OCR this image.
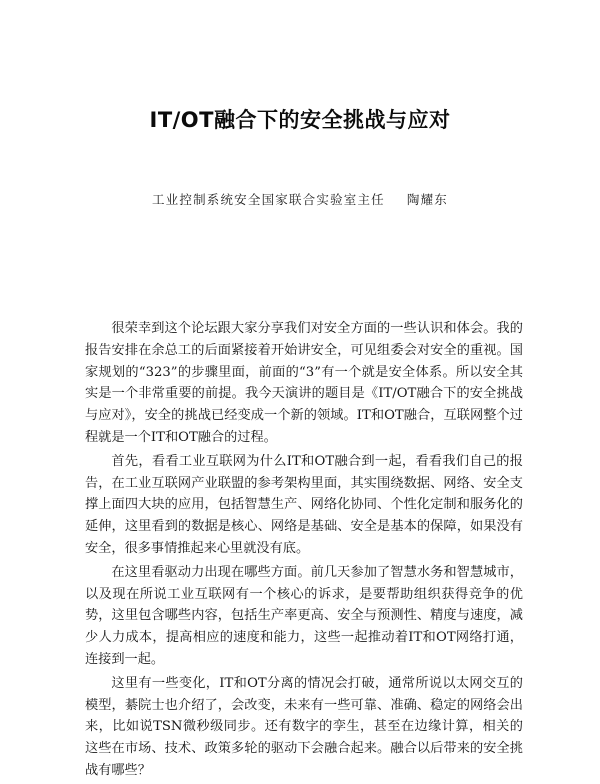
IT/OT融合下的安全挑战与应对
工业控制系统安全国家联合实验室主任 陶耀东

很荣幸到这个论坛跟大家分享我们对安全方面的一些认识和体会。我的报告安排在余总工的后面紧接着开始讲安全，可见组委会对安全的重视。国家规划的“323”的步骤里面，前面的“3”有一个就是安全体系。所以安全其实是一个非常重要的前提。我今天演讲的题目是《IT/OT融合下的安全挑战与应对》，安全的挑战已经变成一个新的领域。IT和OT融合，互联网整个过程就是一个IT和OT融合的过程。

首先，看看工业互联网为什么IT和OT融合到一起，看看我们自己的报告，在工业互联网产业联盟的参考架构里面，其实围绕数据、网络、安全支撑上面四大块的应用，包括智慧生产、网络化协同、个性化定制和服务化的延伸，这里看到的数据是核心、网络是基础、安全是基本的保障，如果没有安全，很多事情推起来心里就没有底。

在这里看驱动力出现在哪些方面。前几天参加了智慧水务和智慧城市，以及现在所说工业互联网有一个核心的诉求，是要帮助组织获得竞争的优势，这里包含哪些内容，包括生产率更高、安全与预测性、精度与速度，减少人力成本，提高相应的速度和能力，这些一起推动着IT和OT网络打通，连接到一起。

这里有一些变化，IT和OT分离的情况会打破，通常所说以太网交互的模型，綦院士也介绍了，会改变，未来有一些可靠、准确、稳定的网络会出来，比如说TSN微秒级同步。还有数字的孪生，甚至在边缘计算，相关的这些在市场、技术、政策多轮的驱动下会融合起来。融合以后带来的安全挑战有哪些？
